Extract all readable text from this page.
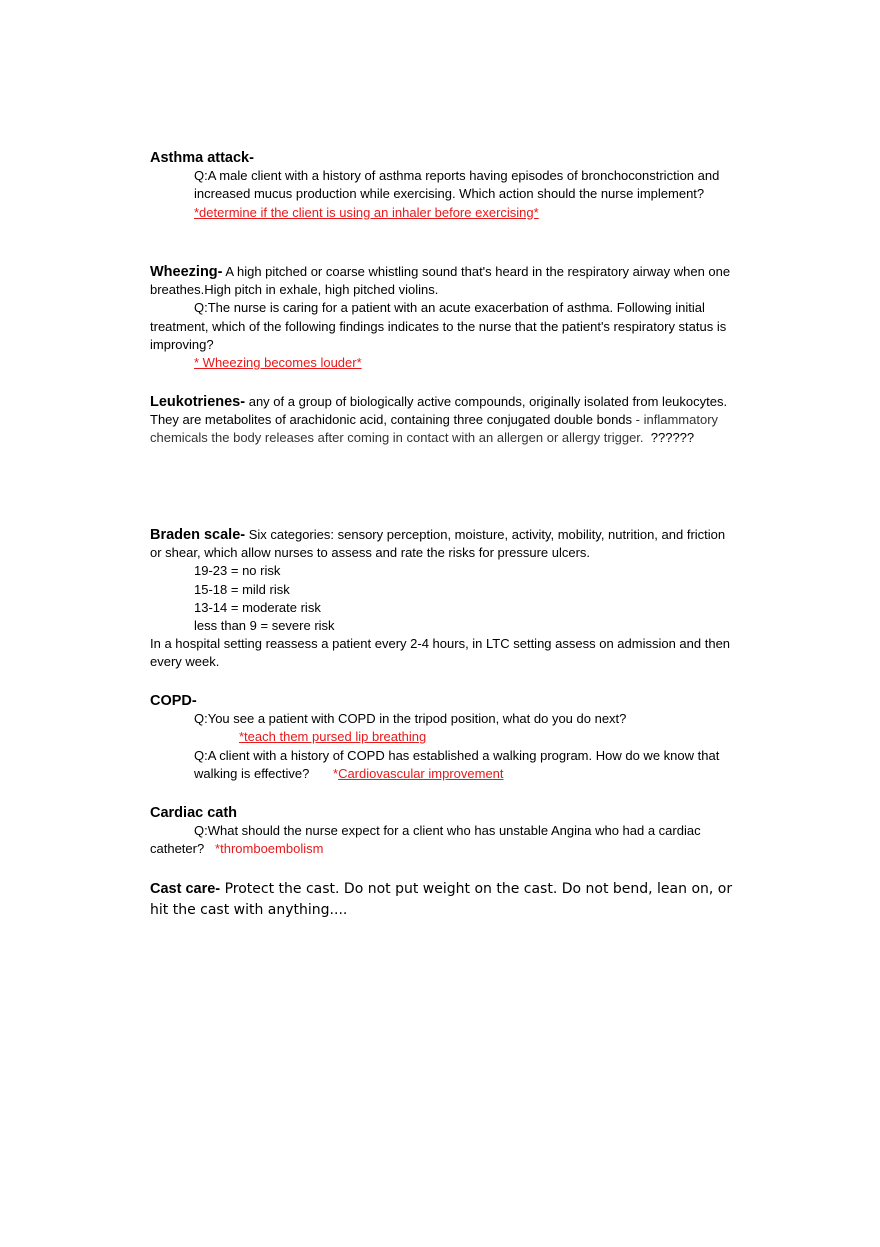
Asthma attack-
Q:A male client with a history of asthma reports having episodes of bronchoconstriction and increased mucus production while exercising. Which action should the nurse implement?  *determine if the client is using an inhaler before exercising*
Wheezing- A high pitched or coarse whistling sound that's heard in the respiratory airway when one breathes.High pitch in exhale, high pitched violins.
Q:The nurse is caring for a patient with an acute exacerbation of asthma. Following initial treatment, which of the following findings indicates to the nurse that the patient's respiratory status is improving?
* Wheezing becomes louder*
Leukotrienes- any of a group of biologically active compounds, originally isolated from leukocytes. They are metabolites of arachidonic acid, containing three conjugated double bonds - inflammatory chemicals the body releases after coming in contact with an allergen or allergy trigger. ??????
Braden scale- Six categories: sensory perception, moisture, activity, mobility, nutrition, and friction or shear, which allow nurses to assess and rate the risks for pressure ulcers.
19-23 = no risk
15-18 = mild risk
13-14 = moderate risk
less than 9 = severe risk
In a hospital setting reassess a patient every 2-4 hours, in LTC setting assess on admission and then every week.
COPD-
Q:You see a patient with COPD in the tripod position, what do you do next?
*teach them pursed lip breathing
Q:A client with a history of COPD has established a walking program. How do we know that walking is effective? *Cardiovascular improvement
Cardiac cath
Q:What should the nurse expect for a client who has unstable Angina who had a cardiac catheter? *thromboembolism
Cast care- Protect the cast. Do not put weight on the cast. Do not bend, lean on, or hit the cast with anything....
